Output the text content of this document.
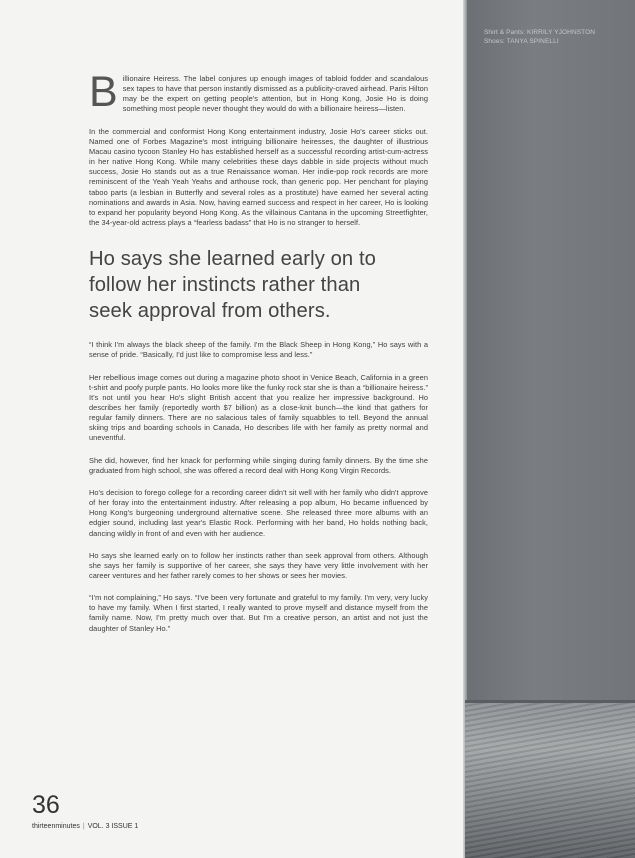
Shirt & Pants: KIRRILY YJOHNSTON
Shoes: TANYA SPINELLI

Billionaire Heiress. The label conjures up enough images of tabloid fodder and scandalous sex tapes to have that person instantly dismissed as a publicity-craved airhead. Paris Hilton may be the expert on getting people's attention, but in Hong Kong, Josie Ho is doing something most people never thought they would do with a billionaire heiress—listen.

In the commercial and conformist Hong Kong entertainment industry, Josie Ho's career sticks out. Named one of Forbes Magazine's most intriguing billionaire heiresses, the daughter of illustrious Macau casino tycoon Stanley Ho has established herself as a successful recording artist-cum-actress in her native Hong Kong. While many celebrities these days dabble in side projects without much success, Josie Ho stands out as a true Renaissance woman. Her indie-pop rock records are more reminiscent of the Yeah Yeah Yeahs and arthouse rock, than generic pop. Her penchant for playing taboo parts (a lesbian in Butterfly and several roles as a prostitute) have earned her several acting nominations and awards in Asia. Now, having earned success and respect in her career, Ho is looking to expand her popularity beyond Hong Kong. As the villainous Cantana in the upcoming Streetfighter, the 34-year-old actress plays a “fearless badass” that Ho is no stranger to herself.

Ho says she learned early on to
follow her instincts rather than
seek approval from others.

“I think I'm always the black sheep of the family. I'm the Black Sheep in Hong Kong,” Ho says with a sense of pride. “Basically, I'd just like to compromise less and less.”

Her rebellious image comes out during a magazine photo shoot in Venice Beach, California in a green t-shirt and poofy purple pants. Ho looks more like the funky rock star she is than a “billionaire heiress.” It's not until you hear Ho's slight British accent that you realize her impressive background. Ho describes her family (reportedly worth $7 billion) as a close-knit bunch—the kind that gathers for regular family dinners. There are no salacious tales of family squabbles to tell. Beyond the annual skiing trips and boarding schools in Canada, Ho describes life with her family as pretty normal and uneventful.

She did, however, find her knack for performing while singing during family dinners. By the time she graduated from high school, she was offered a record deal with Hong Kong Virgin Records.

Ho's decision to forego college for a recording career didn't sit well with her family who didn't approve of her foray into the entertainment industry. After releasing a pop album, Ho became influenced by Hong Kong's burgeoning underground alternative scene. She released three more albums with an edgier sound, including last year's Elastic Rock. Performing with her band, Ho holds nothing back, dancing wildly in front of and even with her audience.

Ho says she learned early on to follow her instincts rather than seek approval from others. Although she says her family is supportive of her career, she says they have very little involvement with her career ventures and her father rarely comes to her shows or sees her movies.

“I'm not complaining,” Ho says. “I've been very fortunate and grateful to my family. I'm very, very lucky to have my family. When I first started, I really wanted to prove myself and distance myself from the family name. Now, I'm pretty much over that. But I'm a creative person, an artist and not just the daughter of Stanley Ho.”

36
thirteenminutes | VOL. 3 ISSUE 1
